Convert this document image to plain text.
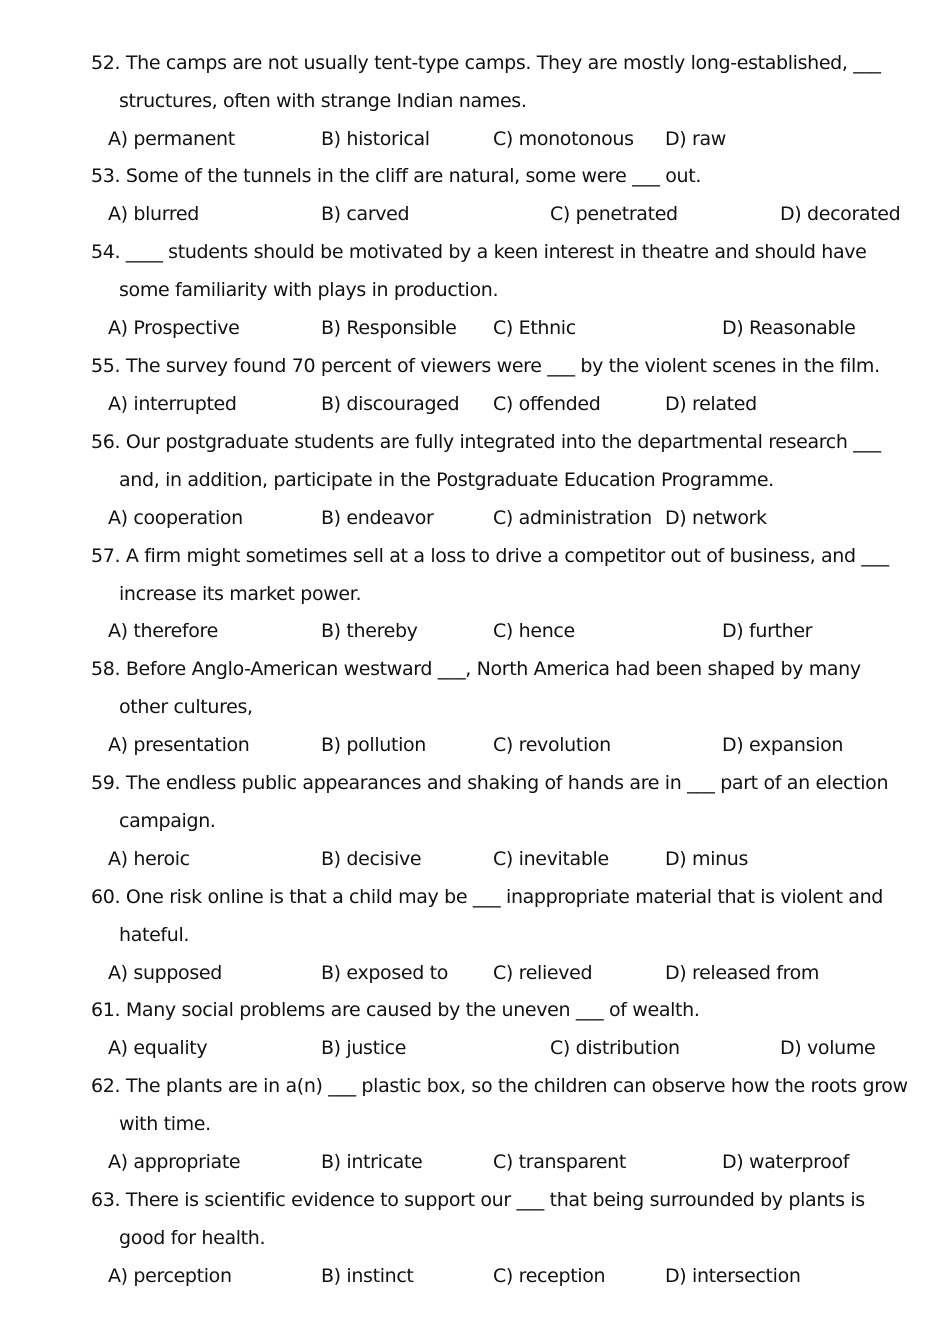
52. The camps are not usually tent-type camps. They are mostly long-established, ___
structures, often with strange Indian names.
A) permanent	B) historical	C) monotonous D) raw
53. Some of the tunnels in the cliff are natural, some were ___ out.
A) blurred	B) carved	C) penetrated	D) decorated
54. ____ students should be motivated by a keen interest in theatre and should have
some familiarity with plays in production.
A) Prospective	B) Responsible C) Ethnic	D) Reasonable
55. The survey found 70 percent of viewers were ___ by the violent scenes in the film.
A) interrupted	B) discouraged C) offended	D) related
56. Our postgraduate students are fully integrated into the departmental research ___
and, in addition, participate in the Postgraduate Education Programme.
A) cooperation	B) endeavor	C) administration D) network
57. A firm might sometimes sell at a loss to drive a competitor out of business, and ___
increase its market power.
A) therefore	B) thereby	C) hence	D) further
58. Before Anglo-American westward ___, North America had been shaped by many
other cultures,
A) presentation	B) pollution	C) revolution	D) expansion
59. The endless public appearances and shaking of hands are in ___ part of an election
campaign.
A) heroic	B) decisive	C) inevitable	D) minus
60. One risk online is that a child may be ___ inappropriate material that is violent and
hateful.
A) supposed	B) exposed to C) relieved	D) released from
61. Many social problems are caused by the uneven ___ of wealth.
A) equality	B) justice	C) distribution	D) volume
62. The plants are in a(n) ___ plastic box, so the children can observe how the roots grow
with time.
A) appropriate	B) intricate	C) transparent	D) waterproof
63. There is scientific evidence to support our ___ that being surrounded by plants is
good for health.
A) perception	B) instinct	C) reception	D) intersection
